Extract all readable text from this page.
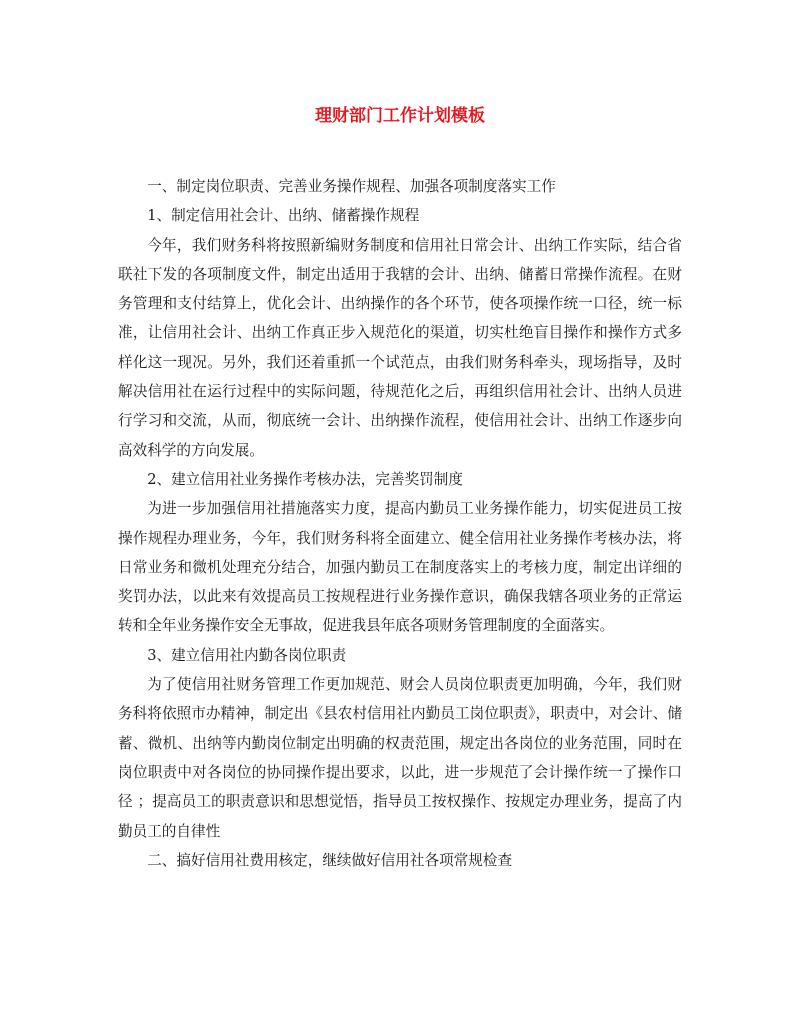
理财部门工作计划模板

一、制定岗位职责、完善业务操作规程、加强各项制度落实工作

1、制定信用社会计、出纳、储蓄操作规程

今年，我们财务科将按照新编财务制度和信用社日常会计、出纳工作实际，结合省联社下发的各项制度文件，制定出适用于我辖的会计、出纳、储蓄日常操作流程。在财务管理和支付结算上，优化会计、出纳操作的各个环节，使各项操作统一口径，统一标准，让信用社会计、出纳工作真正步入规范化的渠道，切实杜绝盲目操作和操作方式多样化这一现况。另外，我们还着重抓一个试范点，由我们财务科牵头，现场指导，及时解决信用社在运行过程中的实际问题，待规范化之后，再组织信用社会计、出纳人员进行学习和交流，从而，彻底统一会计、出纳操作流程，使信用社会计、出纳工作逐步向高效科学的方向发展。

2、建立信用社业务操作考核办法，完善奖罚制度

为进一步加强信用社措施落实力度，提高内勤员工业务操作能力，切实促进员工按操作规程办理业务，今年，我们财务科将全面建立、健全信用社业务操作考核办法，将日常业务和微机处理充分结合，加强内勤员工在制度落实上的考核力度，制定出详细的奖罚办法，以此来有效提高员工按规程进行业务操作意识，确保我辖各项业务的正常运转和全年业务操作安全无事故，促进我县年底各项财务管理制度的全面落实。

3、建立信用社内勤各岗位职责

为了使信用社财务管理工作更加规范、财会人员岗位职责更加明确，今年，我们财务科将依照市办精神，制定出《县农村信用社内勤员工岗位职责》，职责中，对会计、储蓄、微机、出纳等内勤岗位制定出明确的权责范围，规定出各岗位的业务范围，同时在岗位职责中对各岗位的协同操作提出要求，以此，进一步规范了会计操作统一了操作口径 ；提高员工的职责意识和思想觉悟，指导员工按权操作、按规定办理业务，提高了内勤员工的自律性

二、搞好信用社费用核定，继续做好信用社各项常规检查
